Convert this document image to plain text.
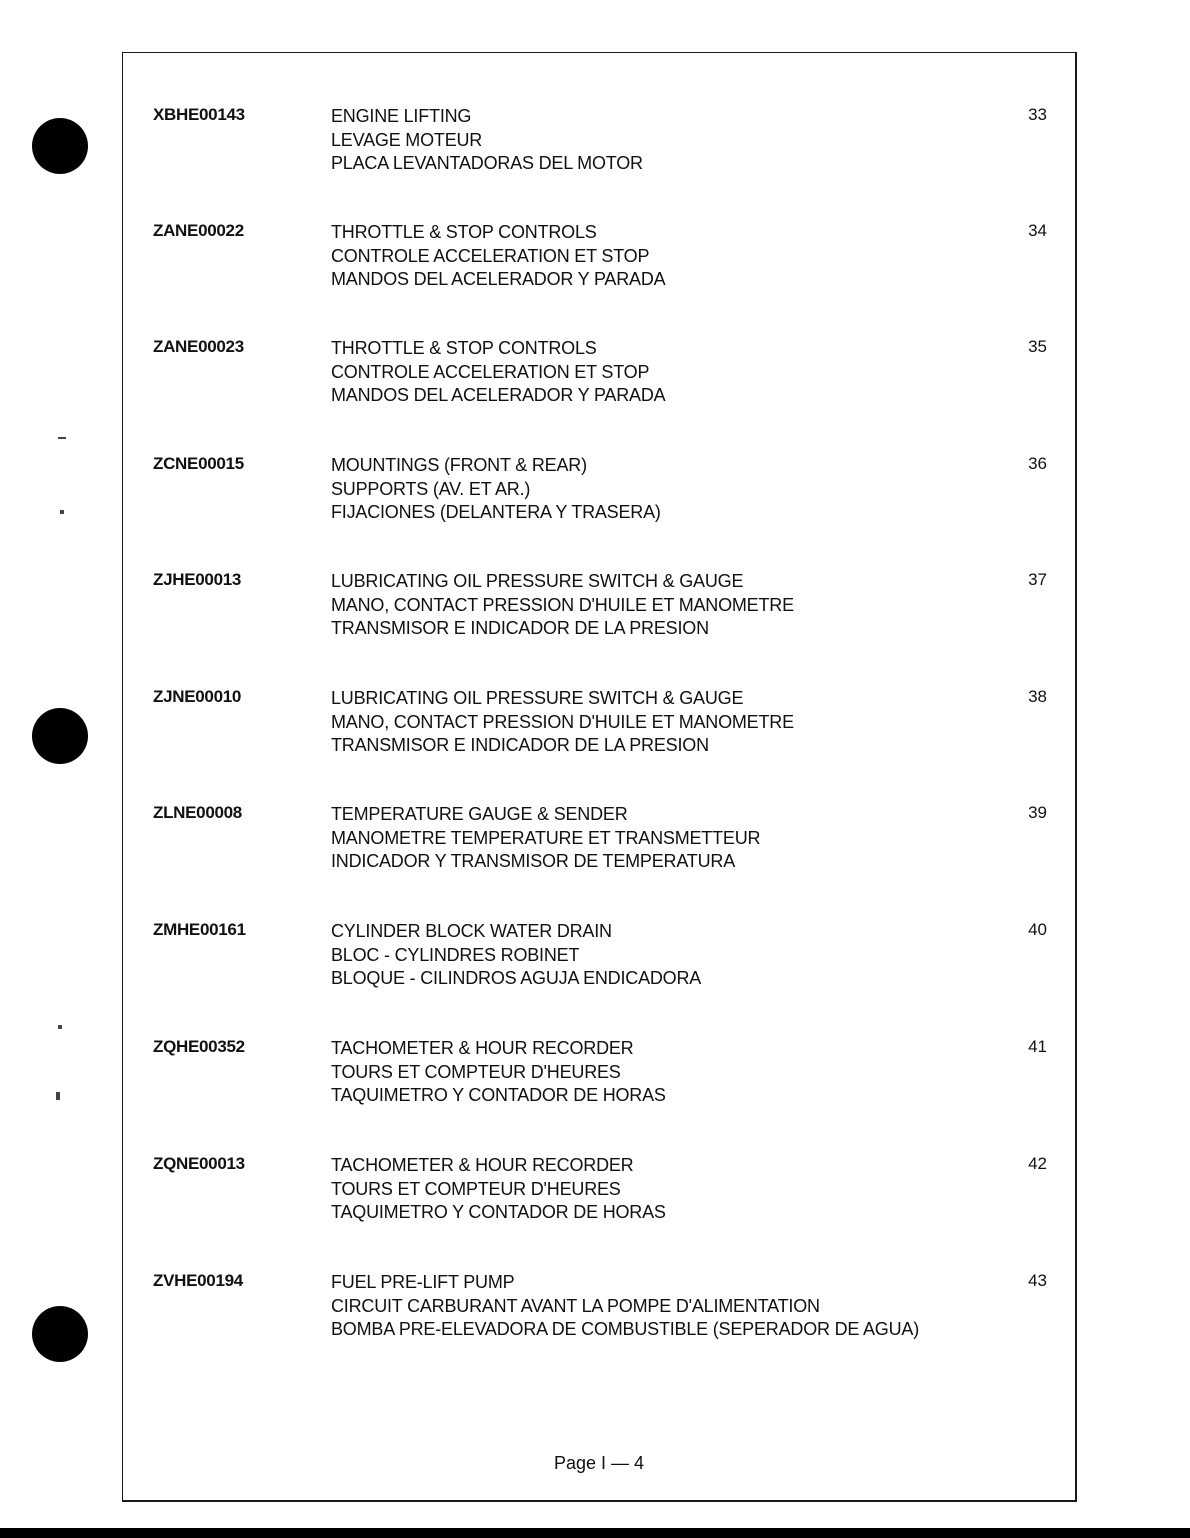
XBHE00143	ENGINE LIFTING
LEVAGE MOTEUR
PLACA LEVANTADORAS DEL MOTOR
33
ZANE00022	THROTTLE & STOP CONTROLS
CONTROLE ACCELERATION ET STOP
MANDOS DEL ACELERADOR Y PARADA
34
ZANE00023	THROTTLE & STOP CONTROLS
CONTROLE ACCELERATION ET STOP
MANDOS DEL ACELERADOR Y PARADA
35
ZCNE00015	MOUNTINGS (FRONT & REAR)
SUPPORTS (AV. ET AR.)
FIJACIONES (DELANTERA Y TRASERA)
36
ZJHE00013	LUBRICATING OIL PRESSURE SWITCH & GAUGE
MANO, CONTACT PRESSION D'HUILE ET MANOMETRE
TRANSMISOR E INDICADOR DE LA PRESION
37
ZJNE00010	LUBRICATING OIL PRESSURE SWITCH & GAUGE
MANO, CONTACT PRESSION D'HUILE ET MANOMETRE
TRANSMISOR E INDICADOR DE LA PRESION
38
ZLNE00008	TEMPERATURE GAUGE & SENDER
MANOMETRE TEMPERATURE ET TRANSMETTEUR
INDICADOR Y TRANSMISOR DE TEMPERATURA
39
ZMHE00161	CYLINDER BLOCK WATER DRAIN
BLOC - CYLINDRES ROBINET
BLOQUE - CILINDROS AGUJA ENDICADORA
40
ZQHE00352	TACHOMETER & HOUR RECORDER
TOURS ET COMPTEUR D'HEURES
TAQUIMETRO Y CONTADOR DE HORAS
41
ZQNE00013	TACHOMETER & HOUR RECORDER
TOURS ET COMPTEUR D'HEURES
TAQUIMETRO Y CONTADOR DE HORAS
42
ZVHE00194	FUEL PRE-LIFT PUMP
CIRCUIT CARBURANT AVANT LA POMPE D'ALIMENTATION
BOMBA PRE-ELEVADORA DE COMBUSTIBLE (SEPERADOR DE AGUA)
43
Page I — 4
